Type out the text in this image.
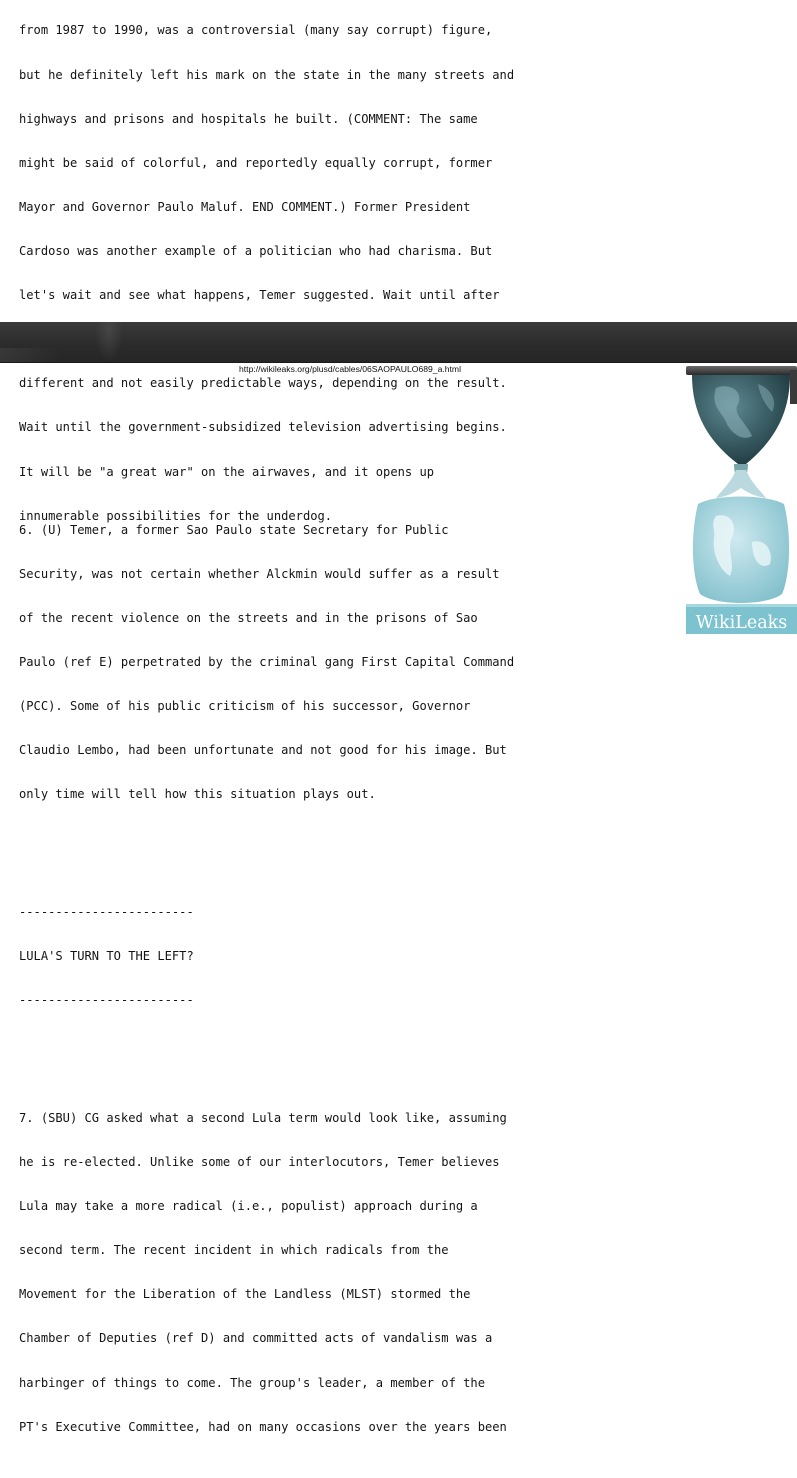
from 1987 to 1990, was a controversial (many say corrupt) figure,

but he definitely left his mark on the state in the many streets and

highways and prisons and hospitals he built. (COMMENT: The same

might be said of colorful, and reportedly equally corrupt, former

Mayor and Governor Paulo Maluf. END COMMENT.) Former President

Cardoso was another example of a politician who had charisma. But

let's wait and see what happens, Temer suggested. Wait until after

different and not easily predictable ways, depending on the result.

Wait until the government-subsidized television advertising begins.

It will be "a great war" on the airwaves, and it opens up

innumerable possibilities for the underdog.

http://wikileaks.org/plusd/cables/06SAOPAULO689_a.html
WikiLeaks

6. (U) Temer, a former Sao Paulo state Secretary for Public

Security, was not certain whether Alckmin would suffer as a result

of the recent violence on the streets and in the prisons of Sao

Paulo (ref E) perpetrated by the criminal gang First Capital Command

(PCC). Some of his public criticism of his successor, Governor

Claudio Lembo, had been unfortunate and not good for his image. But

only time will tell how this situation plays out.

------------------------

LULA'S TURN TO THE LEFT?

------------------------

7. (SBU) CG asked what a second Lula term would look like, assuming

he is re-elected. Unlike some of our interlocutors, Temer believes

Lula may take a more radical (i.e., populist) approach during a

second term. The recent incident in which radicals from the

Movement for the Liberation of the Landless (MLST) stormed the

Chamber of Deputies (ref D) and committed acts of vandalism was a

harbinger of things to come. The group's leader, a member of the

PT's Executive Committee, had on many occasions over the years been
